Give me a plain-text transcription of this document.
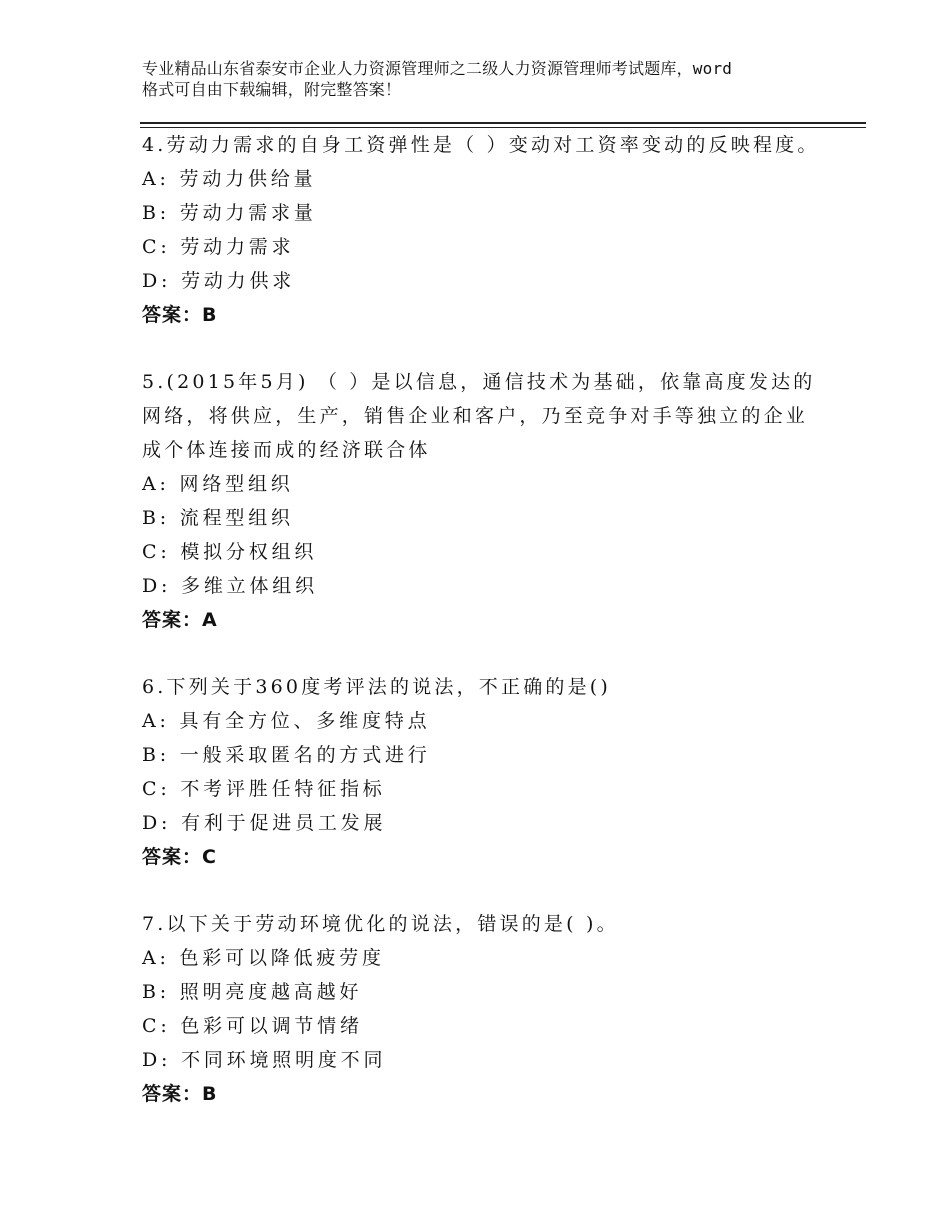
专业精品山东省泰安市企业人力资源管理师之二级人力资源管理师考试题库，word
格式可自由下载编辑，附完整答案！
4.劳动力需求的自身工资弹性是（ ）变动对工资率变动的反映程度。
A: 劳动力供给量
B: 劳动力需求量
C: 劳动力需求
D: 劳动力供求
答案：B
5.(2015年5月) （ ）是以信息，通信技术为基础，依靠高度发达的
网络，将供应，生产，销售企业和客户，乃至竞争对手等独立的企业
成个体连接而成的经济联合体
A: 网络型组织
B: 流程型组织
C: 模拟分权组织
D: 多维立体组织
答案：A
6.下列关于360度考评法的说法，不正确的是()
A: 具有全方位、多维度特点
B: 一般采取匿名的方式进行
C: 不考评胜任特征指标
D: 有利于促进员工发展
答案：C
7.以下关于劳动环境优化的说法，错误的是( )。
A: 色彩可以降低疲劳度
B: 照明亮度越高越好
C: 色彩可以调节情绪
D: 不同环境照明度不同
答案：B
